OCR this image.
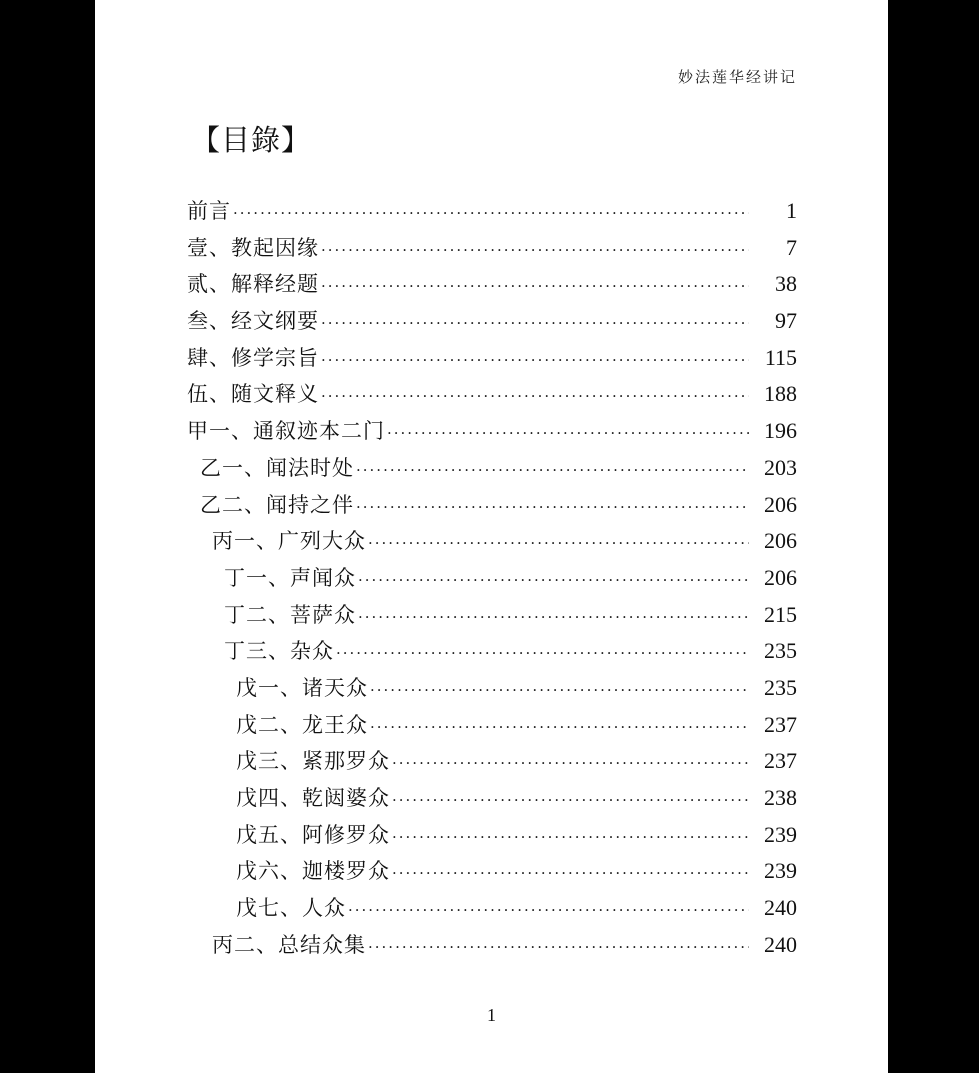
妙法莲华经讲记
【目錄】
前言 ·····	1
壹、教起因缘 ·····	7
贰、解释经题 ·····	38
叁、经文纲要 ·····	97
肆、修学宗旨 ·····	115
伍、随文释义 ·····	188
甲一、通叙迹本二门 ·····	196
乙一、闻法时处 ·····	203
乙二、闻持之伴 ·····	206
丙一、广列大众 ·····	206
丁一、声闻众 ·····	206
丁二、菩萨众 ·····	215
丁三、杂众 ·····	235
戊一、诸天众 ·····	235
戊二、龙王众 ·····	237
戊三、紧那罗众 ·····	237
戊四、乾闼婆众 ·····	238
戊五、阿修罗众 ·····	239
戊六、迦楼罗众 ·····	239
戊七、人众 ·····	240
丙二、总结众集 ·····	240
1
